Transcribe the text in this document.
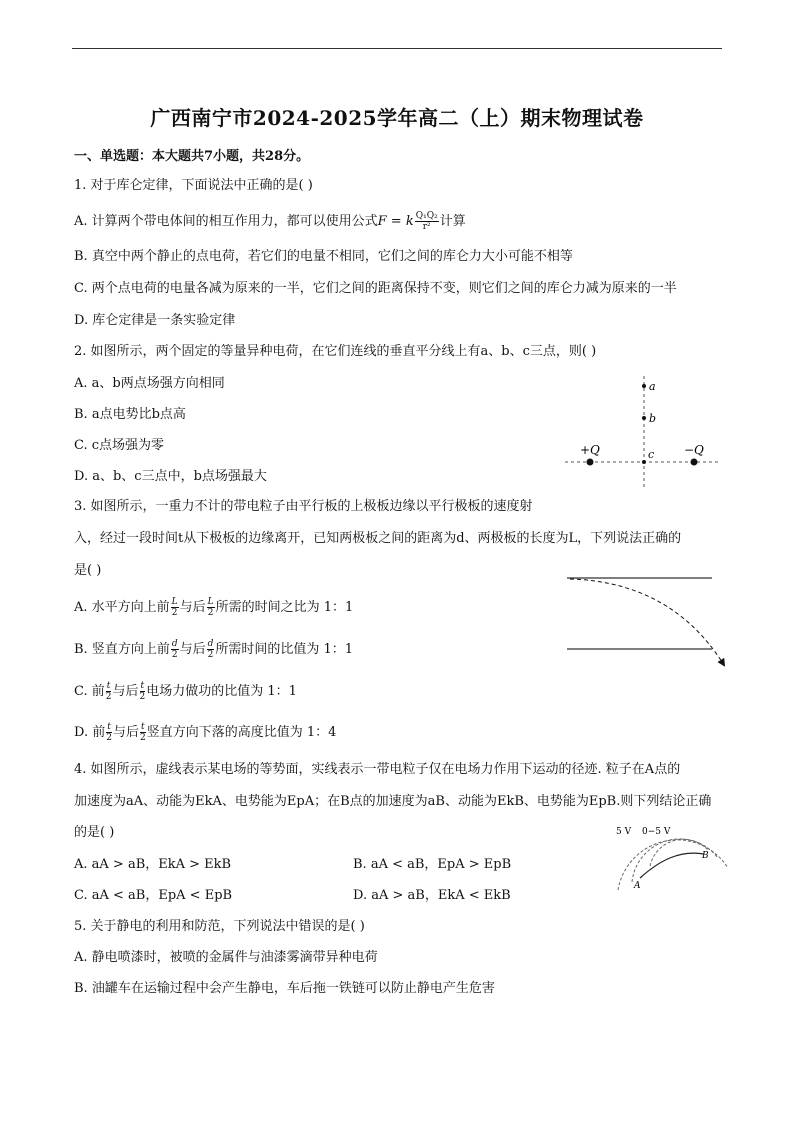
广西南宁市2024-2025学年高二（上）期末物理试卷
一、单选题：本大题共7小题，共28分。
1. 对于库仑定律，下面说法中正确的是( )
A. 计算两个带电体间的相互作用力，都可以使用公式F = k $\frac{\text{Q₁Q₂}}{\text{r²}}$ 计算
B. 真空中两个静止的点电荷，若它们的电量不相同，它们之间的库仑力大小可能不相等
C. 两个点电荷的电量各减为原来的一半，它们之间的距离保持不变，则它们之间的库仑力减为原来的一半
D. 库仑定律是一条实验定律
2. 如图所示，两个固定的等量异种电荷，在它们连线的垂直平分线上有a、b、c三点，则( )
A. a、b两点场强方向相同
B. a点电势比b点高
C. c点场强为零
D. a、b、c三点中，b点场强最大
+Q	−Q
a
b
c
3. 如图所示，一重力不计的带电粒子由平行板的上极板边缘以平行极板的速度射
入，经过一段时间t从下极板的边缘离开，已知两极板之间的距离为d、两极板的长度为L，下列说法正确的
是( )
A. 水平方向上前 $\frac{L}{2}$ 与后 $\frac{L}{2}$ 所需的时间之比为 1：1
B. 竖直方向上前 $\frac{d}{2}$ 与后 $\frac{d}{2}$ 所需时间的比值为 1：1
C. 前 $\frac{t}{2}$ 与后 $\frac{t}{2}$ 电场力做功的比值为 1：1
D. 前 $\frac{t}{2}$ 与后 $\frac{t}{2}$ 竖直方向下落的高度比值为 1：4
4. 如图所示，虚线表示某电场的等势面，实线表示一带电粒子仅在电场力作用下运动的径迹. 粒子在A点的
加速度为aA、动能为EkA、电势能为EpA；在B点的加速度为aB、动能为EkB、电势能为EpB.则下列结论正确
的是( )
A. aA > aB，EkA > EkB	B. aA < aB，EpA > EpB
C. aA < aB，EpA < EpB	D. aA > aB，EkA < EkB
5 V 0−5 V
A
B
5. 关于静电的利用和防范，下列说法中错误的是( )
A. 静电喷漆时，被喷的金属件与油漆雾滴带异种电荷
B. 油罐车在运输过程中会产生静电，车后拖一铁链可以防止静电产生危害
